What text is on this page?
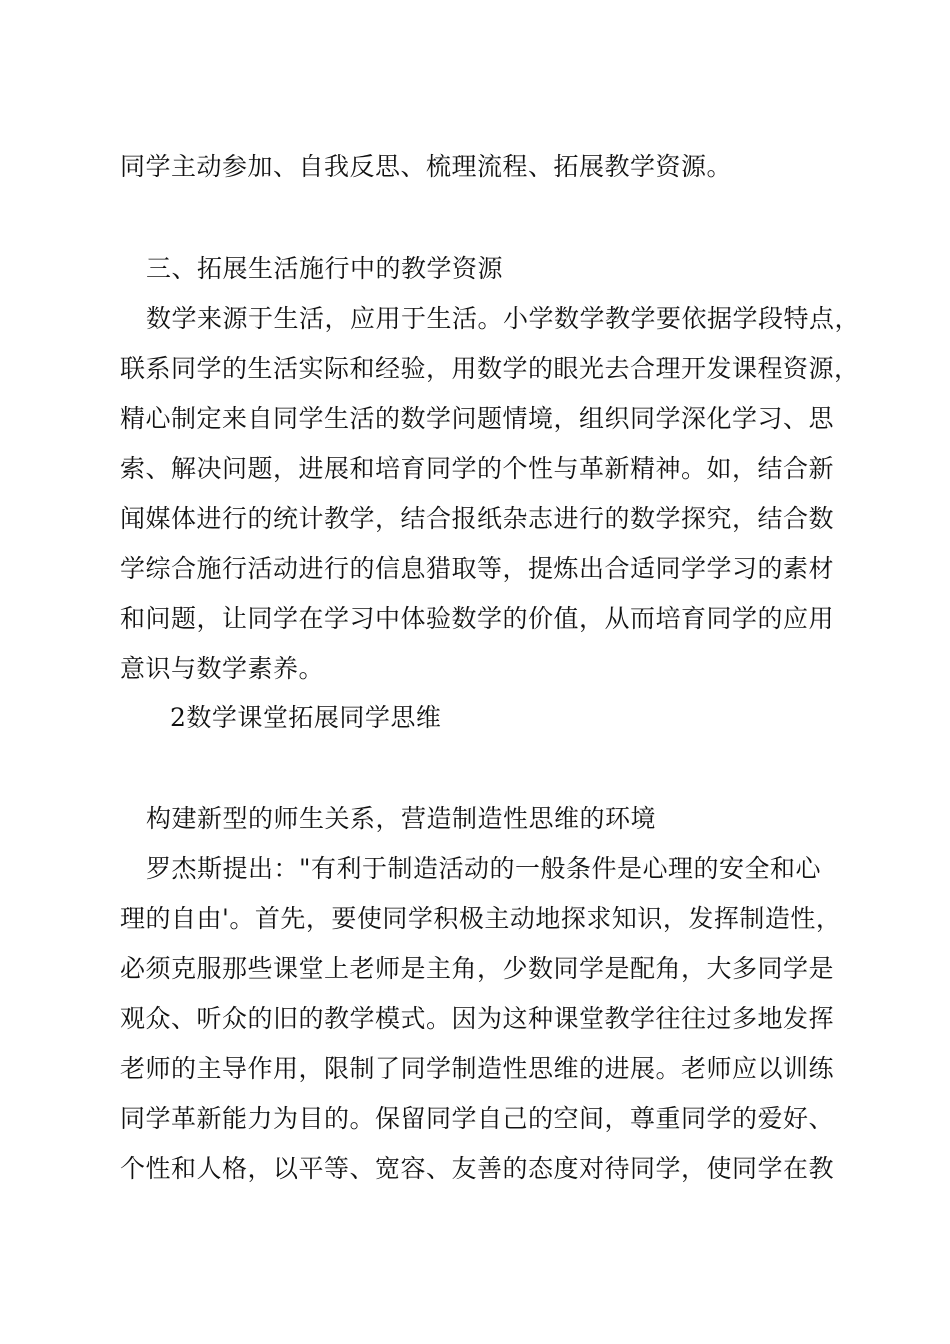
同学主动参加、自我反思、梳理流程、拓展教学资源。
三、拓展生活施行中的教学资源
数学来源于生活，应用于生活。小学数学教学要依据学段特点，
联系同学的生活实际和经验，用数学的眼光去合理开发课程资源，
精心制定来自同学生活的数学问题情境，组织同学深化学习、思
索、解决问题，进展和培育同学的个性与革新精神。如，结合新
闻媒体进行的统计教学，结合报纸杂志进行的数学探究，结合数
学综合施行活动进行的信息猎取等，提炼出合适同学学习的素材
和问题，让同学在学习中体验数学的价值，从而培育同学的应用
意识与数学素养。
2数学课堂拓展同学思维
构建新型的师生关系，营造制造性思维的环境
罗杰斯提出："有利于制造活动的一般条件是心理的安全和心
理的自由'。首先，要使同学积极主动地探求知识，发挥制造性，
必须克服那些课堂上老师是主角，少数同学是配角，大多同学是
观众、听众的旧的教学模式。因为这种课堂教学往往过多地发挥
老师的主导作用，限制了同学制造性思维的进展。老师应以训练
同学革新能力为目的。保留同学自己的空间，尊重同学的爱好、
个性和人格，以平等、宽容、友善的态度对待同学，使同学在教
